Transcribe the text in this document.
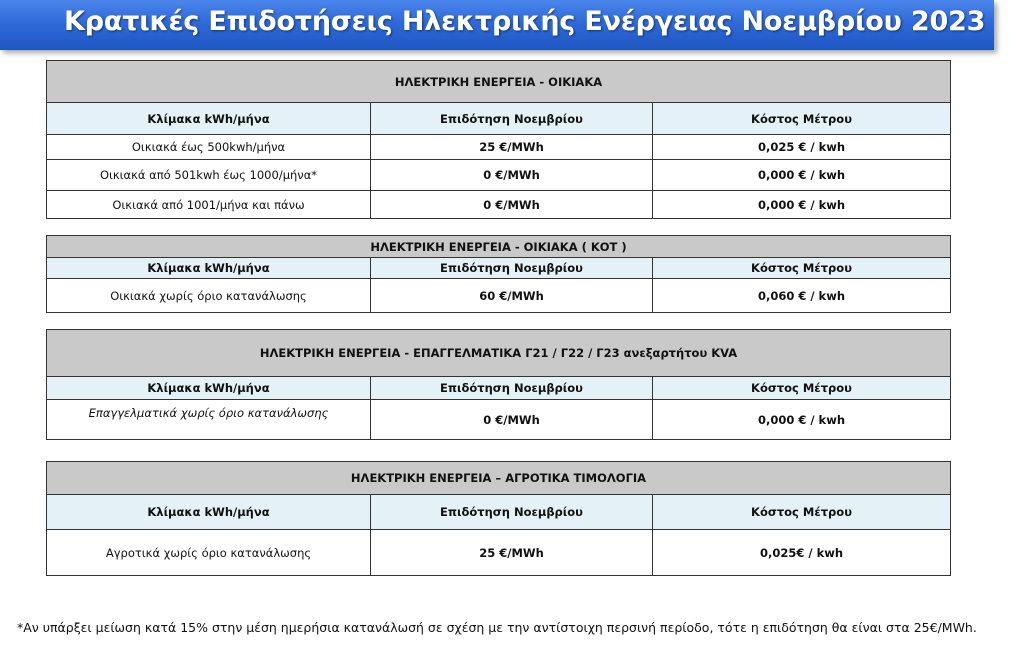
Κρατικές Επιδοτήσεις Ηλεκτρικής Ενέργειας Νοεμβρίου 2023
ΗΛΕΚΤΡΙΚΗ ΕΝΕΡΓΕΙΑ - ΟΙΚΙΑΚΑ		
Κλίμακα kWh/μήνα	Επιδότηση Νοεμβρίου	Κόστος Μέτρου
Οικιακά έως 500kwh/μήνα	25 €/MWh	0,025 € / kwh
Οικιακά από 501kwh έως 1000/μήνα*	0 €/MWh	0,000 € / kwh
Οικιακά από 1001/μήνα και πάνω	0 €/MWh	0,000 € / kwh
ΗΛΕΚΤΡΙΚΗ ΕΝΕΡΓΕΙΑ - ΟΙΚΙΑΚΑ ( ΚΟΤ )		
Κλίμακα kWh/μήνα	Επιδότηση Νοεμβρίου	Κόστος Μέτρου
Οικιακά χωρίς όριο κατανάλωσης	60 €/MWh	0,060 € / kwh
ΗΛΕΚΤΡΙΚΗ ΕΝΕΡΓΕΙΑ - ΕΠΑΓΓΕΛΜΑΤΙΚΑ Γ21 / Γ22 / Γ23 ανεξαρτήτου KVA		
Κλίμακα kWh/μήνα	Επιδότηση Νοεμβρίου	Κόστος Μέτρου
Επαγγελματικά χωρίς όριο κατανάλωσης	0 €/MWh	0,000 € / kwh
ΗΛΕΚΤΡΙΚΗ ΕΝΕΡΓΕΙΑ – ΑΓΡΟΤΙΚΑ ΤΙΜΟΛΟΓΙΑ		
Κλίμακα kWh/μήνα	Επιδότηση Νοεμβρίου	Κόστος Μέτρου
Αγροτικά χωρίς όριο κατανάλωσης	25 €/MWh	0,025€ / kwh
*Αν υπάρξει μείωση κατά 15% στην μέση ημερήσια κατανάλωσή σε σχέση με την αντίστοιχη περσινή περίοδο, τότε η επιδότηση θα είναι στα 25€/MWh.
